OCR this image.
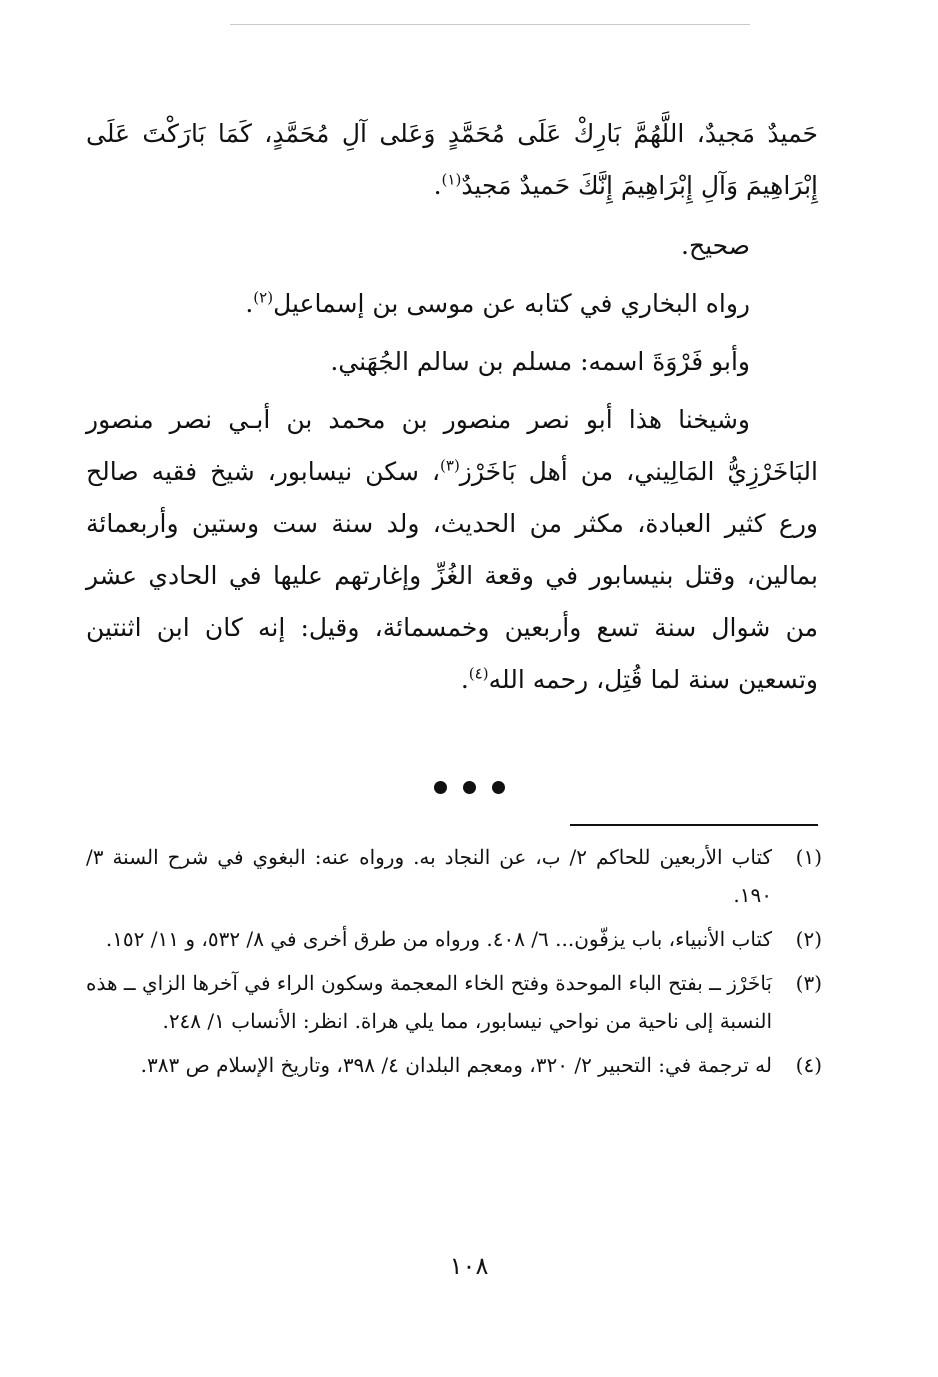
حَميدٌ مَجيدٌ، اللَّهُمَّ بَارِكْ عَلَى مُحَمَّدٍ وَعَلى آلِ مُحَمَّدٍ، كَمَا بَارَكْتَ عَلَى إِبْرَاهِيمَ وَآلِ إِبْرَاهِيمَ إِنَّكَ حَميدٌ مَجيدٌ$^{(١)}$.

صحيح.

رواه البخاري في كتابه عن موسى بن إسماعيل$^{(٢)}$.

وأبو فَرْوَةَ اسمه: مسلم بن سالم الجُهَني.

وشيخنا هذا أبو نصر منصور بن محمد بن أبـي نصر منصور البَاخَرْزِيُّ المَالِيني، من أهل بَاخَرْز$^{(٣)}$، سكن نيسابور، شيخ فقيه صالح ورع كثير العبادة، مكثر من الحديث، ولد سنة ست وستين وأربعمائة بمالين، وقتل بنيسابور في وقعة الغُزِّ وإغارتهم عليها في الحادي عشر من شوال سنة تسع وأربعين وخمسمائة، وقيل: إنه كان ابن اثنتين وتسعين سنة لما قُتِل، رحمه الله$^{(٤)}$.

(١)
كتاب الأربعين للحاكم ٢/ ب، عن النجاد به. ورواه عنه: البغوي في شرح السنة ٣/ ١٩٠.
(٢)
كتاب الأنبياء، باب يزفّون... ٦/ ٤٠٨. ورواه من طرق أخرى في ٨/ ٥٣٢، و ١١/ ١٥٢.
(٣)
بَاخَرْز ــ بفتح الباء الموحدة وفتح الخاء المعجمة وسكون الراء في آخرها الزاي ــ هذه النسبة إلى ناحية من نواحي نيسابور، مما يلي هراة. انظر: الأنساب ١/ ٢٤٨.
(٤)
له ترجمة في: التحبير ٢/ ٣٢٠، ومعجم البلدان ٤/ ٣٩٨، وتاريخ الإسلام ص ٣٨٣.
١٠٨
